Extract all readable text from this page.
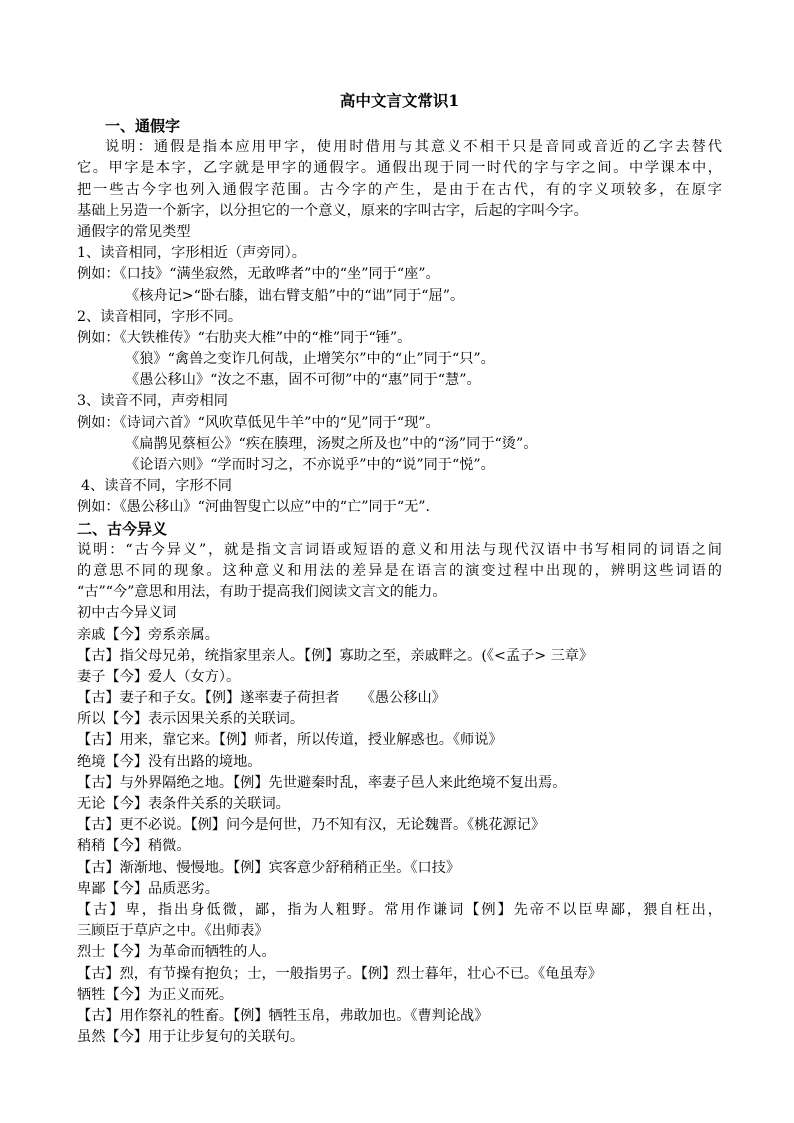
高中文言文常识1
一、通假字
说明：通假是指本应用甲字，使用时借用与其意义不相干只是音同或音近的乙字去替代
它。甲字是本字，乙字就是甲字的通假字。通假出现于同一时代的字与字之间。中学课本中，
把一些古今字也列入通假字范围。古今字的产生，是由于在古代，有的字义项较多，在原字
基础上另造一个新字，以分担它的一个意义，原来的字叫古字，后起的字叫今字。
通假字的常见类型
1、读音相同，字形相近（声旁同）。
例如：《口技》“满坐寂然，无敢哗者”中的“坐”同于“座”。
《核舟记>“卧右膝，诎右臂支船”中的“诎”同于“屈”。
2、读音相同，字形不同。
例如：《大铁椎传》“右肋夹大椎”中的“椎”同于“锤”。
《狼》“禽兽之变诈几何哉，止增笑尔”中的“止”同于“只”。
《愚公移山》“汝之不惠，固不可彻”中的“惠”同于“慧”。
3、读音不同，声旁相同
例如：《诗词六首》“风吹草低见牛羊”中的“见”同于“现”。
《扁鹊见蔡桓公》“疾在腠理，汤熨之所及也”中的“汤”同于“烫”。
《论语六则》“学而时习之，不亦说乎”中的“说”同于“悦”。
4、读音不同，字形不同
例如：《愚公移山》“河曲智叟亡以应”中的“亡”同于“无”.
二、古今异义
说明：“古今异义”，就是指文言词语或短语的意义和用法与现代汉语中书写相同的词语之间
的意思不同的现象。这种意义和用法的差异是在语言的演变过程中出现的，辨明这些词语的
“古”“今”意思和用法，有助于提高我们阅读文言文的能力。
初中古今异义词
亲戚【今】旁系亲属。
【古】指父母兄弟，统指家里亲人。【例】寡助之至，亲戚畔之。(《<孟子> 三章》
妻子【今】爱人（女方）。
【古】妻子和子女。【例】遂率妻子荷担者　　《愚公移山》
所以【今】表示因果关系的关联词。
【古】用来，靠它来。【例】师者，所以传道，授业解惑也。《师说》
绝境【今】没有出路的境地。
【古】与外界隔绝之地。【例】先世避秦时乱，率妻子邑人来此绝境不复出焉。
无论【今】表条件关系的关联词。
【古】更不必说。【例】问今是何世，乃不知有汉，无论魏晋。《桃花源记》
稍稍【今】稍微。
【古】渐渐地、慢慢地。【例】宾客意少舒稍稍正坐。《口技》
卑鄙【今】品质恶劣。
【古】卑，指出身低微，鄙，指为人粗野。常用作谦词【例】先帝不以臣卑鄙，猥自枉出，
三顾臣于草庐之中。《出师表》
烈士【今】为革命而牺牲的人。
【古】烈，有节操有抱负；士，一般指男子。【例】烈士暮年，壮心不已。《龟虽寿》
牺牲【今】为正义而死。
【古】用作祭礼的牲畜。【例】牺牲玉帛，弗敢加也。《曹判论战》
虽然【今】用于让步复句的关联句。
